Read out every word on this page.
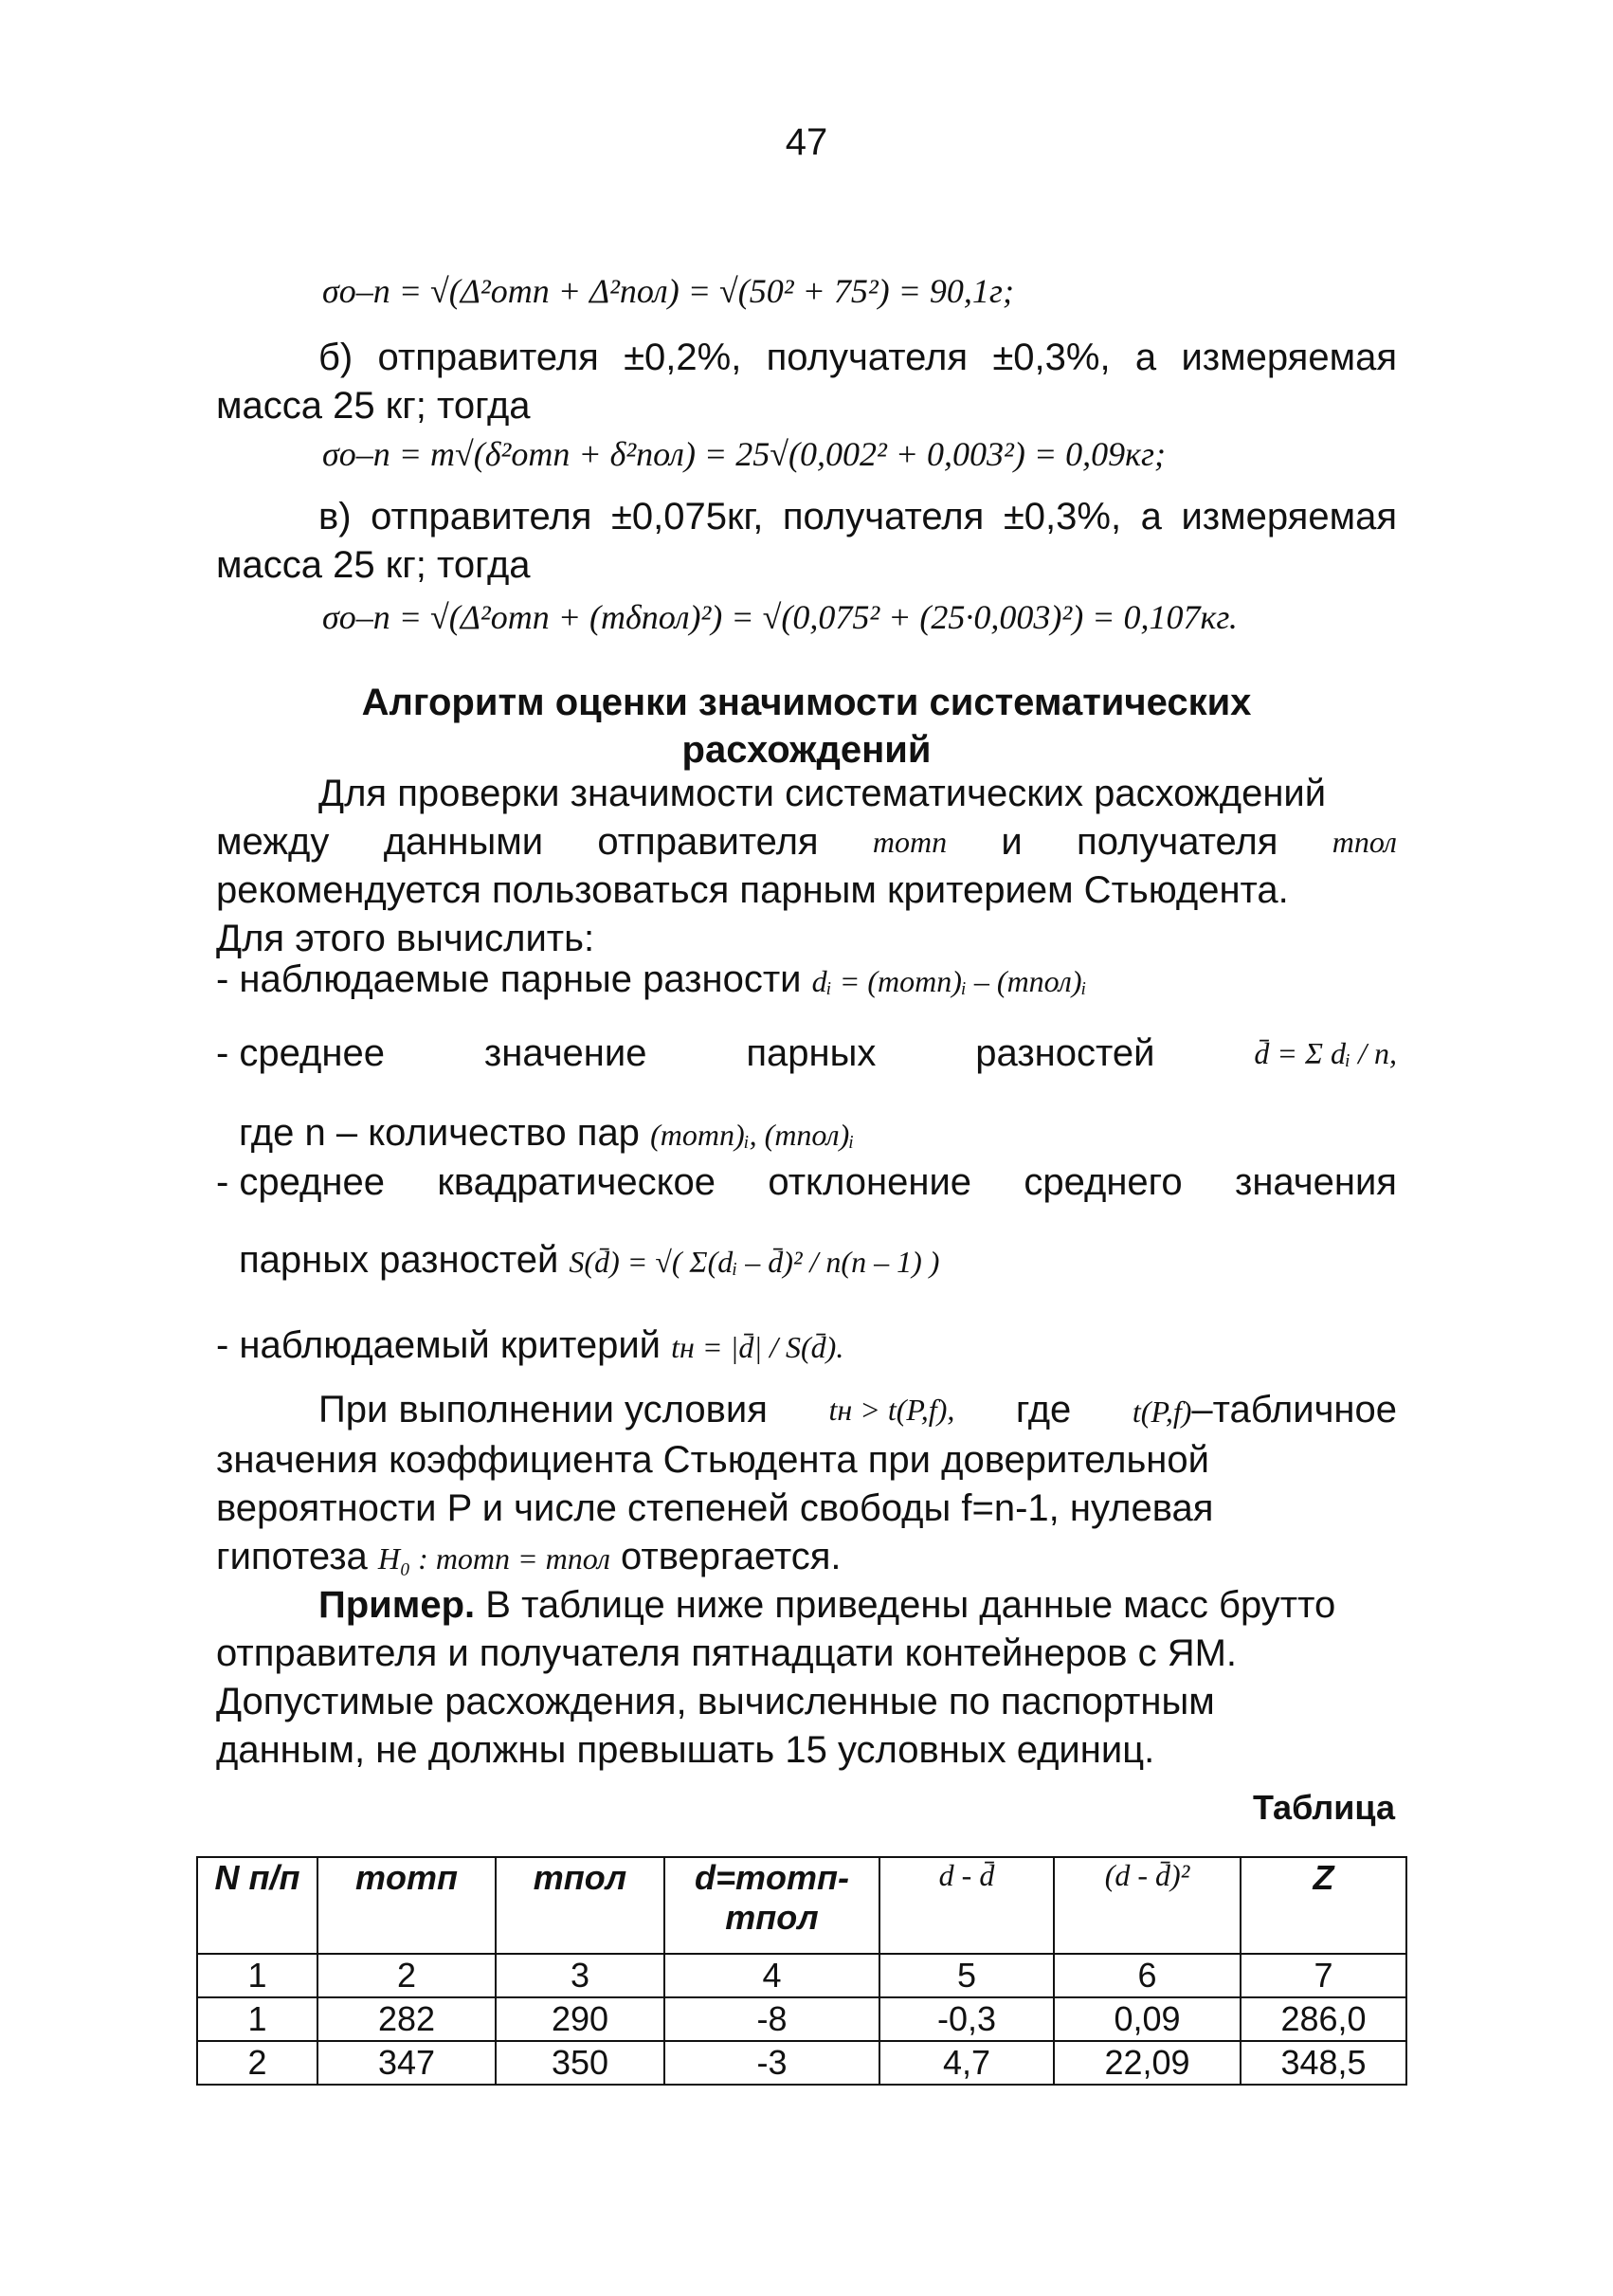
47
σо–п = √(Δ²отп + Δ²пол) = √(50² + 75²) = 90,1г;

б) отправителя ±0,2%, получателя ±0,3%, а измеряемая масса 25 кг; тогда

σо–п = m√(δ²отп + δ²пол) = 25√(0,002² + 0,003²) = 0,09кг;

в) отправителя ±0,075кг, получателя ±0,3%, а измеряемая масса 25 кг; тогда

σо–п = √(Δ²отп + (mδпол)²) = √(0,075² + (25·0,003)²) = 0,107кг.
Алгоритм оценки значимости систематических
расхождений

Для проверки значимости систематических расхождений

между данными отправителя mотп и получателя mпол

рекомендуется пользоваться парным критерием Стьюдента.

Для этого вычислить:

- наблюдаемые парные разности dᵢ = (mотп)ᵢ – (mпол)ᵢ
- среднее	значение	парных	разностей	d̄ = Σ dᵢ / n,
где n – количество пар (mотп)ᵢ, (mпол)ᵢ
- среднее квадратическое отклонение среднего значения
парных разностей S(d̄) = √( Σ(dᵢ – d̄)² / n(n – 1) )
- наблюдаемый критерий tн = |d̄| / S(d̄).
При выполнении условия tн > t(P,f), где t(P,f)–табличное

значения коэффициента Стьюдента при доверительной

вероятности P и числе степеней свободы f=n-1, нулевая

гипотеза H₀ : mотп = mпол отвергается.

Пример. В таблице ниже приведены данные масс брутто

отправителя и получателя пятнадцати контейнеров с ЯМ.

Допустимые расхождения, вычисленные по паспортным

данным, не должны превышать 15 условных единиц.

Таблица
N п/п	mотп	mпол	d=mотп-mпол	d - d̄	(d - d̄)²	Z
1	2	3	4	5	6	7
1	282	290	-8	-0,3	0,09	286,0
2	347	350	-3	4,7	22,09	348,5
